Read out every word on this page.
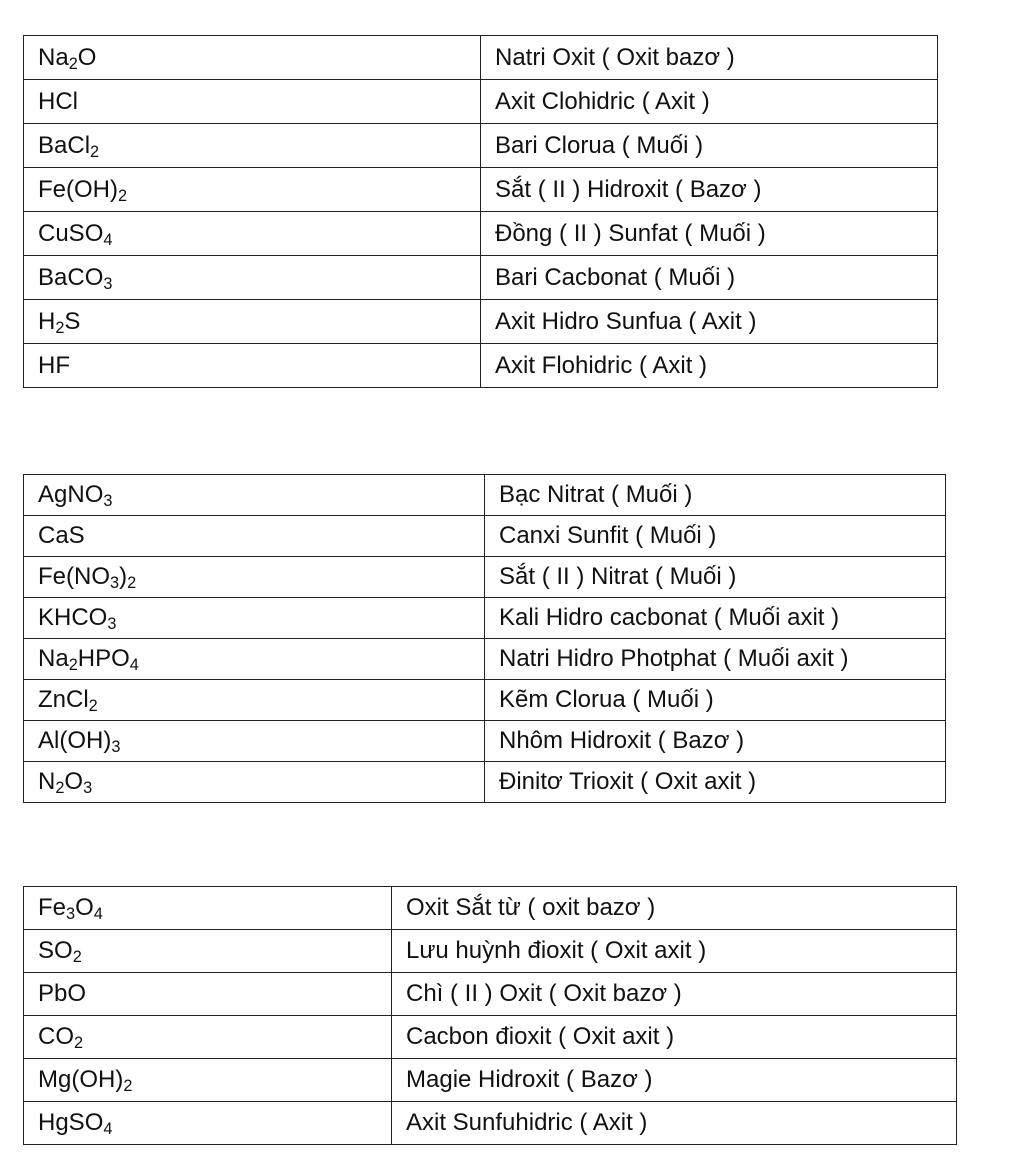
$Na_2O$	Natri Oxit ( Oxit bazơ )
HCl	Axit Clohidric ( Axit )
BaCl$_2$	Bari Clorua ( Muối )
$Fe(OH)_2$	Sắt ( II ) Hidroxit ( Bazơ )
CuSO$_4$	Đồng ( II ) Sunfat ( Muối )
BaCO$_3$	Bari Cacbonat ( Muối )
$H_2S$	Axit Hidro Sunfua ( Axit )
HF	Axit Flohidric ( Axit )
AgNO$_3$	Bạc Nitrat ( Muối )
CaS	Canxi Sunfit ( Muối )
$Fe(NO_3)_2$	Sắt ( II ) Nitrat ( Muối )
$KHCO_3$	Kali Hidro cacbonat ( Muối axit )
$Na_2HPO_4$	Natri Hidro Photphat ( Muối axit )
ZnCl$_2$	Kẽm Clorua ( Muối )
$Al(OH)_3$	Nhôm Hidroxit ( Bazơ )
$N_2O_3$	Đinitơ Trioxit ( Oxit axit )
$Fe_3O_4$	Oxit Sắt từ ( oxit bazơ )
$SO_2$	Lưu huỳnh đioxit ( Oxit axit )
PbO	Chì ( II ) Oxit ( Oxit bazơ )
$CO_2$	Cacbon đioxit ( Oxit axit )
$Mg(OH)_2$	Magie Hidroxit ( Bazơ )
HgSO$_4$	Axit Sunfuhidric ( Axit )
